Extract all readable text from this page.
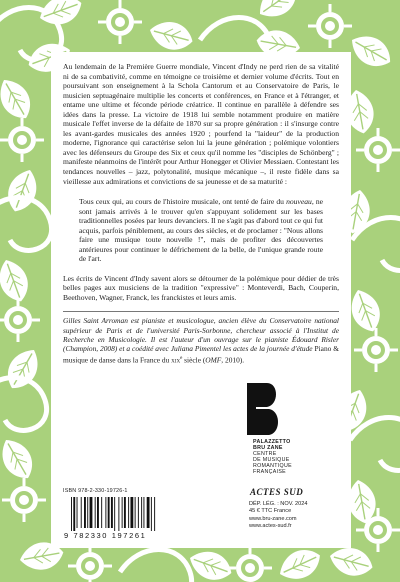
Au lendemain de la Première Guerre mondiale, Vincent d'Indy ne perd rien de sa vitalité ni de sa combativité, comme en témoigne ce troisième et dernier volume d'écrits. Tout en poursuivant son enseignement à la Schola Cantorum et au Conservatoire de Paris, le musicien septuagénaire multiplie les concerts et conférences, en France et à l'étranger, et entame une ultime et féconde période créatrice. Il continue en parallèle à défendre ses idées dans la presse. La victoire de 1918 lui semble notamment produire en matière musicale l'effet inverse de la défaite de 1870 sur sa propre génération : il s'insurge contre les avant-gardes musicales des années 1920 ; pourfend la "laideur" de la production moderne, l'ignorance qui caractérise selon lui la jeune génération ; polémique volontiers avec les défenseurs du Groupe des Six et ceux qu'il nomme les "disciples de Schönberg" ; manifeste néanmoins de l'intérêt pour Arthur Honegger et Olivier Messiaen. Contestant les tendances nouvelles – jazz, polytonalité, musique mécanique –, il reste fidèle dans sa vieillesse aux admirations et convictions de sa jeunesse et de sa maturité :

Tous ceux qui, au cours de l'histoire musicale, ont tenté de faire du nouveau, ne sont jamais arrivés à le trouver qu'en s'appuyant solidement sur les bases traditionnelles posées par leurs devanciers. Il ne s'agit pas d'abord tout ce qui fut acquis, parfois péniblement, au cours des siècles, et de proclamer : "Nous allons faire une musique toute nouvelle !", mais de profiter des découvertes antérieures pour continuer le défrichement de la belle, de l'unique grande route de l'art.

Les écrits de Vincent d'Indy savent alors se détourner de la polémique pour dédier de très belles pages aux musiciens de la tradition "expressive" : Monteverdi, Bach, Couperin, Beethoven, Wagner, Franck, les franckistes et leurs amis.

Gilles Saint Arroman est pianiste et musicologue, ancien élève du Conservatoire national supérieur de Paris et de l'université Paris-Sorbonne, chercheur associé à l'Institut de Recherche en Musicologie. Il est l'auteur d'un ouvrage sur le pianiste Édouard Risler (Champion, 2008) et a coédité avec Juliana Pimentel les actes de la journée d'étude Piano & musique de danse dans la France du xix$^e$ siècle (OMF, 2010).

PALAZZETTO
BRU ZANE
CENTRE
DE MUSIQUE
ROMANTIQUE
FRANÇAISE
ACTES SUD
DÉP. LÉG. : NOV. 2024
45 € TTC France
www.bru-zane.com
www.actes-sud.fr
ISBN 978-2-330-19726-1
9 782330 197261
